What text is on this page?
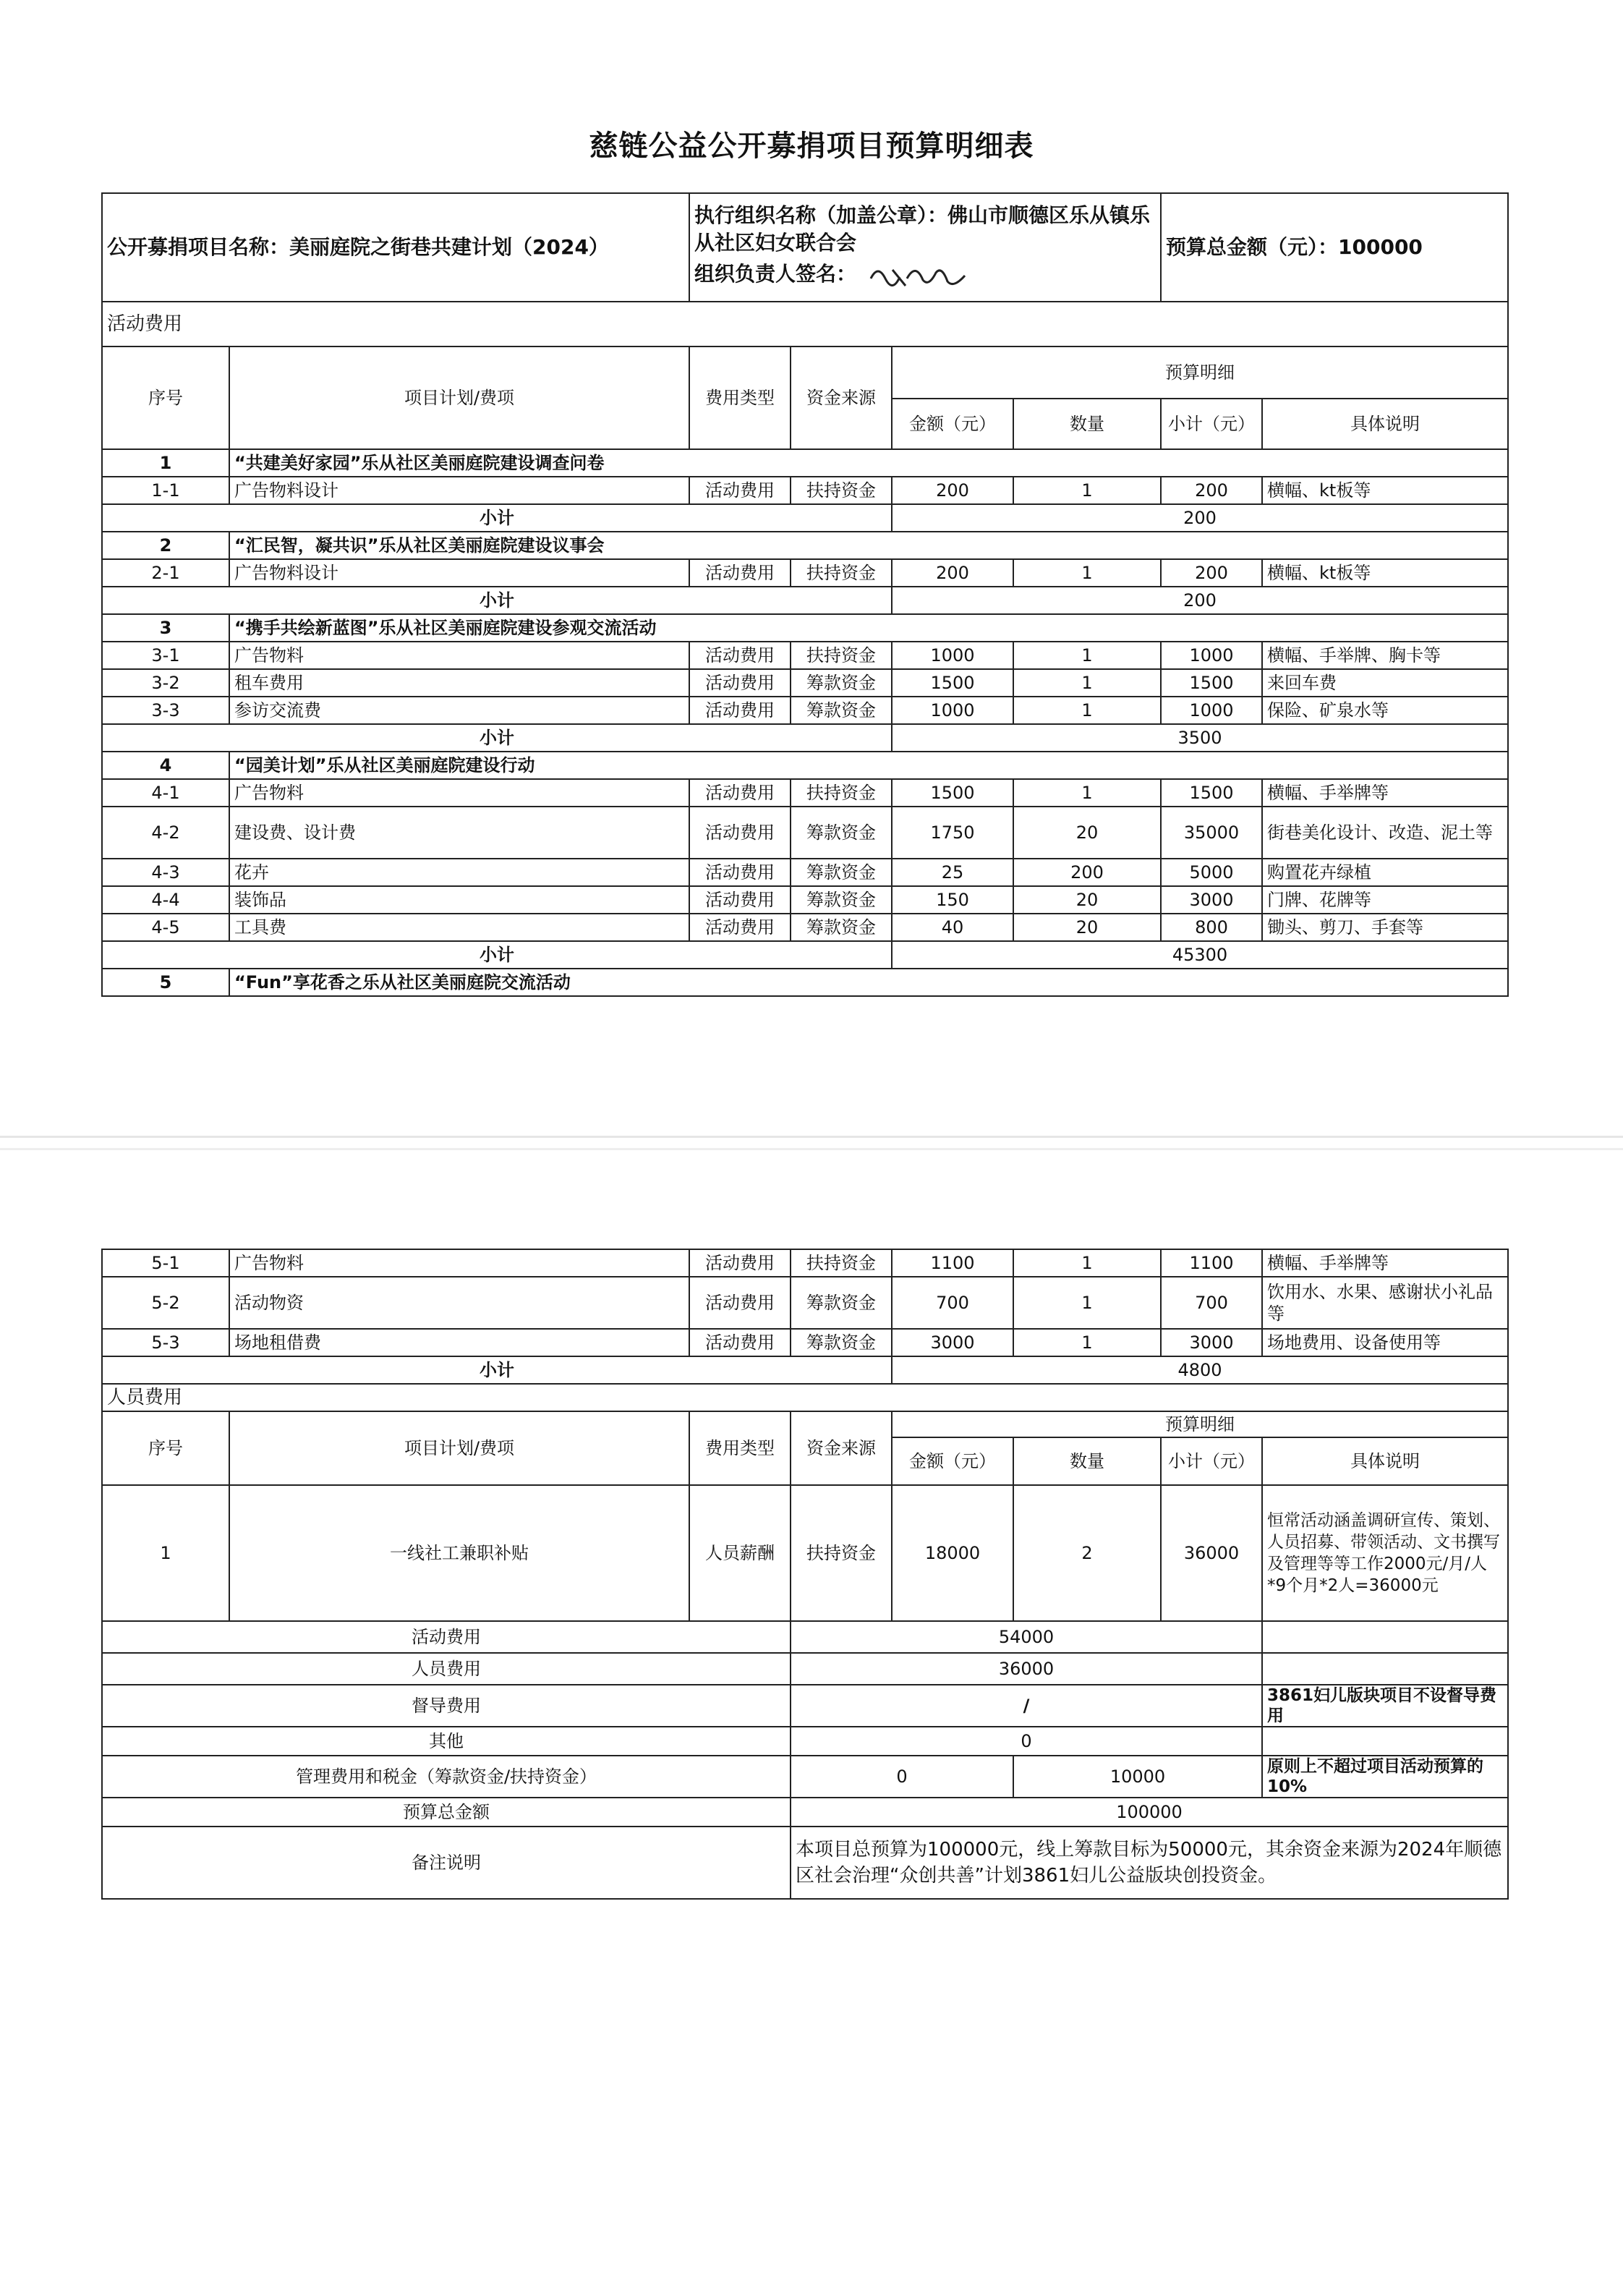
慈链公益公开募捐项目预算明细表
公开募捐项目名称：美丽庭院之街巷共建计划（2024）		执行组织名称（加盖公章）：佛山市顺德区乐从镇乐从社区妇女联合会
组织负责人签名：				预算总金额（元）：100000	
活动费用							
序号	项目计划/费项	费用类型	资金来源	预算明细			
				金额（元）	数量	小计（元）	具体说明
1	“共建美好家园”乐从社区美丽庭院建设调查问卷						
1-1	广告物料设计	活动费用	扶持资金	200	1	200	横幅、kt板等
小计				200			
2	“汇民智，凝共识”乐从社区美丽庭院建设议事会						
2-1	广告物料设计	活动费用	扶持资金	200	1	200	横幅、kt板等
小计				200			
3	“携手共绘新蓝图”乐从社区美丽庭院建设参观交流活动						
3-1	广告物料	活动费用	扶持资金	1000	1	1000	横幅、手举牌、胸卡等
3-2	租车费用	活动费用	筹款资金	1500	1	1500	来回车费
3-3	参访交流费	活动费用	筹款资金	1000	1	1000	保险、矿泉水等
小计				3500			
4	“园美计划”乐从社区美丽庭院建设行动						
4-1	广告物料	活动费用	扶持资金	1500	1	1500	横幅、手举牌等
4-2	建设费、设计费	活动费用	筹款资金	1750	20	35000	街巷美化设计、改造、泥土等
4-3	花卉	活动费用	筹款资金	25	200	5000	购置花卉绿植
4-4	装饰品	活动费用	筹款资金	150	20	3000	门牌、花牌等
4-5	工具费	活动费用	筹款资金	40	20	800	锄头、剪刀、手套等
小计				45300			
5	“Fun”享花香之乐从社区美丽庭院交流活动						
5-1	广告物料	活动费用	扶持资金	1100	1	1100	横幅、手举牌等
5-2	活动物资	活动费用	筹款资金	700	1	700	饮用水、水果、感谢状小礼品等
5-3	场地租借费	活动费用	筹款资金	3000	1	3000	场地费用、设备使用等
小计				4800			
人员费用							
序号	项目计划/费项	费用类型	资金来源	预算明细			
				金额（元）	数量	小计（元）	具体说明
1	一线社工兼职补贴	人员薪酬	扶持资金	18000	2	36000	恒常活动涵盖调研宣传、策划、人员招募、带领活动、文书撰写及管理等等工作2000元/月/人*9个月*2人=36000元
活动费用			54000				
人员费用			36000				
督导费用			/				3861妇儿版块项目不设督导费用
其他			0				
管理费用和税金（筹款资金/扶持资金）			0		10000		原则上不超过项目活动预算的10%
预算总金额			100000				
备注说明			本项目总预算为100000元，线上筹款目标为50000元，其余资金来源为2024年顺德区社会治理“众创共善”计划3861妇儿公益版块创投资金。				
